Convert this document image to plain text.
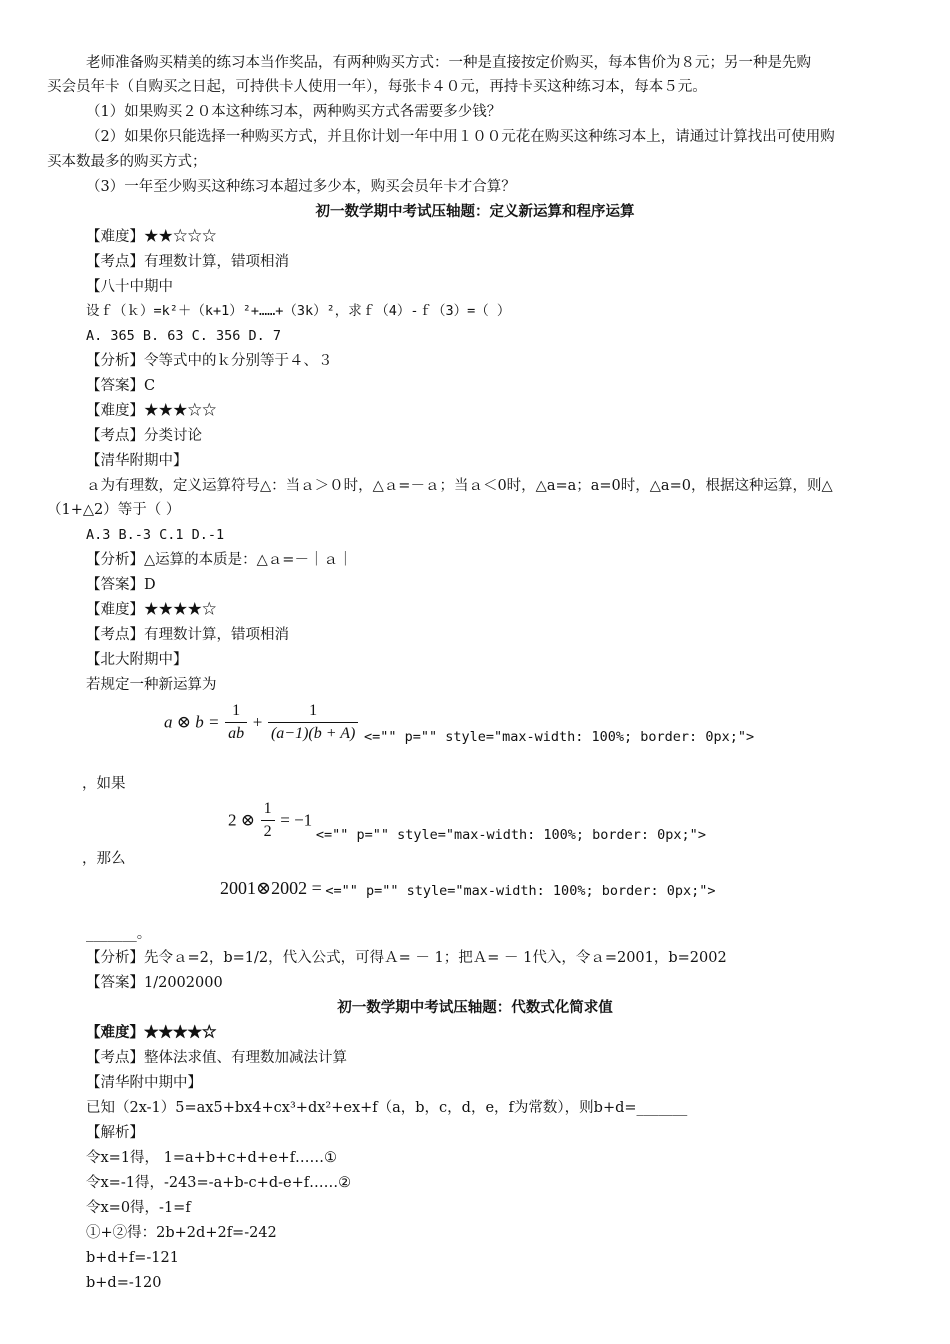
老师准备购买精美的练习本当作奖品，有两种购买方式：一种是直接按定价购买，每本售价为８元；另一种是先购
买会员年卡（自购买之日起，可持供卡人使用一年），每张卡４０元，再持卡买这种练习本，每本５元。
（1）如果购买２０本这种练习本，两种购买方式各需要多少钱？
（2）如果你只能选择一种购买方式，并且你计划一年中用１００元花在购买这种练习本上，请通过计算找出可使用购
买本数最多的购买方式；
（3）一年至少购买这种练习本超过多少本，购买会员年卡才合算？
初一数学期中考试压轴题：定义新运算和程序运算
【难度】★★☆☆☆
【考点】有理数计算，错项相消
【八十中期中
设ｆ（ｋ）=k²＋（k+1）²+……+（3k）²，求ｆ（4）-ｆ（3）=（ ）
A. 365 B. 63 C. 356 D. 7
【分析】令等式中的ｋ分别等于４、３
【答案】C
【难度】★★★☆☆
【考点】分类讨论
【清华附期中】
ａ为有理数，定义运算符号△：当ａ＞０时，△ａ=－ａ；当ａ＜0时，△a=a；a=0时，△a=0，根据这种运算，则△
（1+△2）等于（ ）
A.3 B.-3 C.1 D.-1
【分析】△运算的本质是：△ａ=－｜ａ｜
【答案】D
【难度】★★★★☆
【考点】有理数计算，错项相消
【北大附期中】
若规定一种新运算为
a ⊗ $b = \frac{1}{ab} + \frac{1}{(a-1)(b + A)}$ <="" p="" style="max-width: 100%; border: 0px;">
，如果
2 ⊗ $\frac{1}{2} = -1$ <="" p="" style="max-width: 100%; border: 0px;">
，那么
2001⊗2002 = <="" p="" style="max-width: 100%; border: 0px;">
_______。
【分析】先令ａ=2，b=1/2，代入公式，可得Ａ= － 1；把Ａ= － 1代入，令ａ=2001，b=2002
【答案】1/2002000
初一数学期中考试压轴题：代数式化简求值
【难度】★★★★☆
【考点】整体法求值、有理数加减法计算
【清华附中期中】
已知（2x-1）5=ax5+bx4+cx³+dx²+ex+f（a，b，c，d，e，f为常数），则b+d=_______
【解析】
令x=1得， 1=a+b+c+d+e+f……①
令x=-1得，-243=-a+b-c+d-e+f……②
令x=0得，-1=f
①+②得：2b+2d+2f=-242
b+d+f=-121
b+d=-120
